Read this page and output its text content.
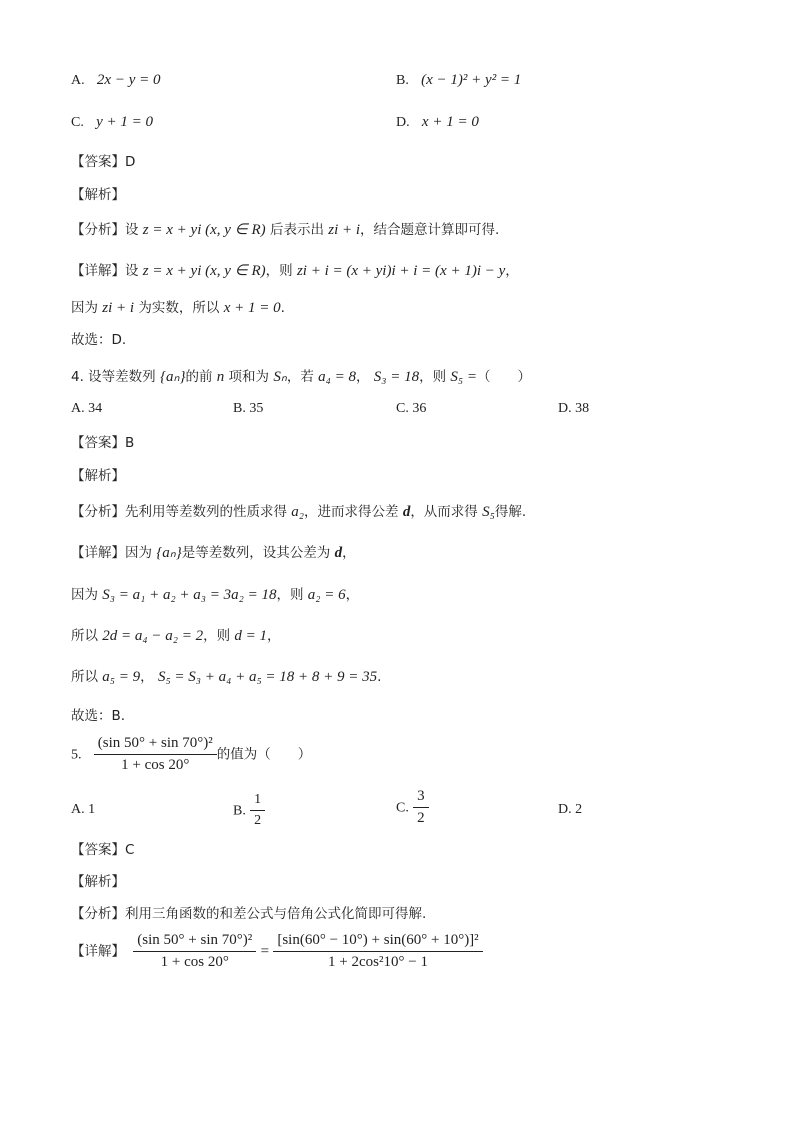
A. 2x − y = 0	B. (x − 1)² + y² = 1
C. y + 1 = 0	D. x + 1 = 0
【答案】D
【解析】
【分析】设 z = x + yi (x, y ∈ R) 后表示出 zi + i，结合题意计算即可得.
【详解】设 z = x + yi (x, y ∈ R)，则 zi + i = (x + yi)i + i = (x + 1)i − y，
因为 zi + i 为实数，所以 x + 1 = 0.
故选：D.
4. 设等差数列 {aₙ}的前 n 项和为 Sₙ，若 a₄ = 8， S₃ = 18，则 S₅ =（　　）
A. 34	B. 35	C. 36	D. 38
【答案】B
【解析】
【分析】先利用等差数列的性质求得 a₂，进而求得公差 d，从而求得 S₅得解.
【详解】因为 {aₙ}是等差数列，设其公差为 d，
因为 S₃ = a₁ + a₂ + a₃ = 3a₂ = 18，则 a₂ = 6，
所以 2d = a₄ − a₂ = 2，则 d = 1，
所以 a₅ = 9， S₅ = S₃ + a₄ + a₅ = 18 + 8 + 9 = 35.
故选：B.
5. $\frac{\text{(sin 50° + sin 70°)²}}{1 + \cos 20^\circ}$ 的值为（　　）
A. 1	B. $\frac{1}{2}$	C. $\frac{3}{2}$	D. 2
【答案】C
【解析】
【分析】利用三角函数的和差公式与倍角公式化简即可得解.
【详解】 $\frac{\text{(sin 50° + sin 70°)²}}{1 + \cos 20^\circ} = \frac{\text{[sin(60° − 10°) + sin(60° + 10°)]²}}{\text{1 + 2cos²10° − 1}}$
